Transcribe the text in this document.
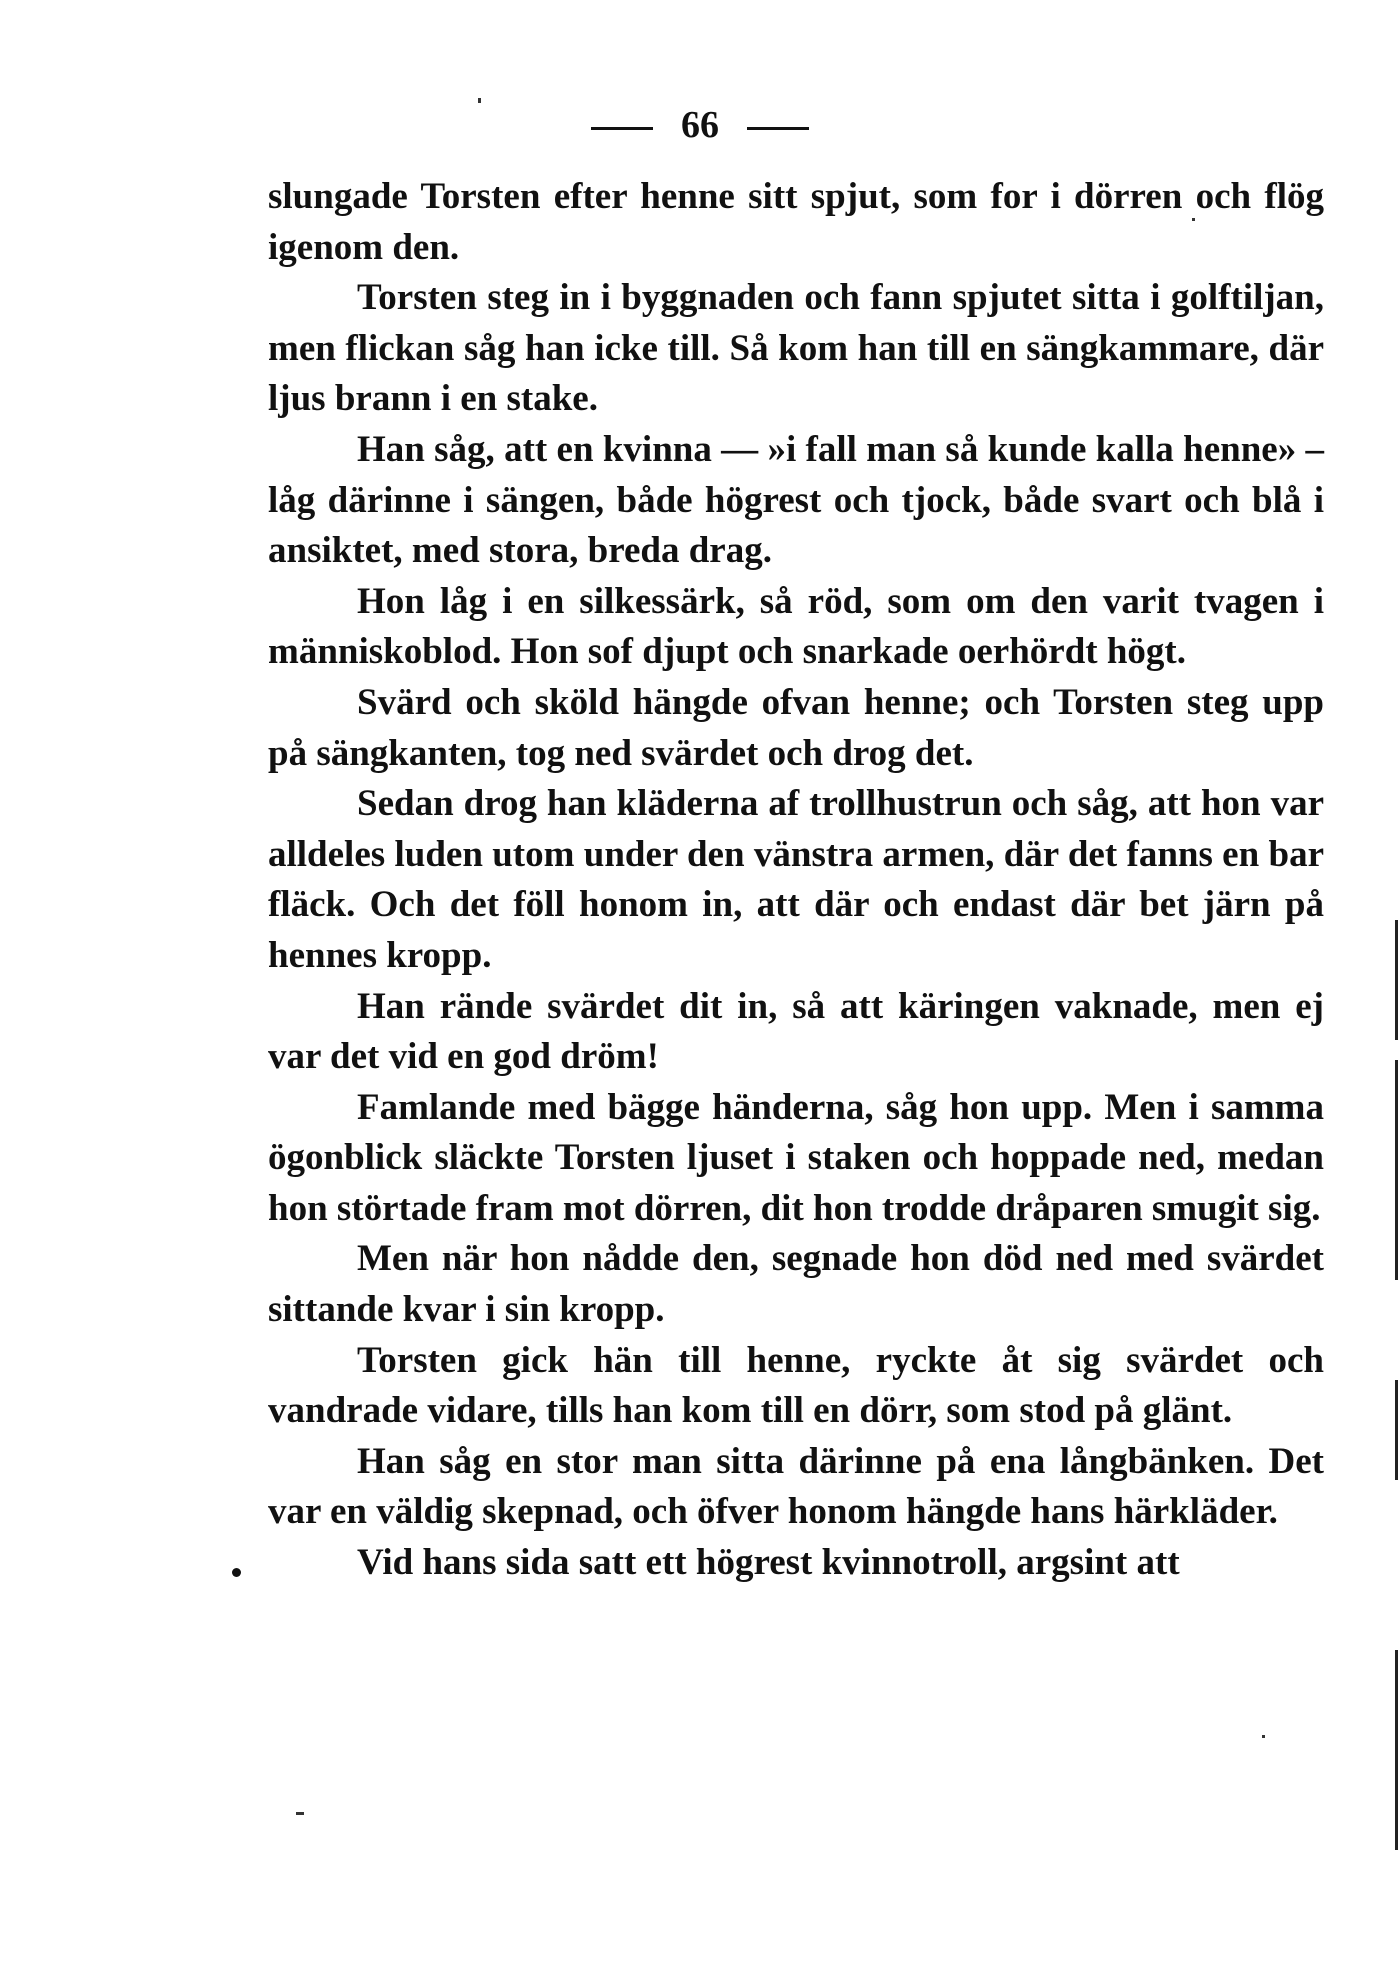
66

slungade Torsten efter henne sitt spjut, som for i dörren och flög igenom den.

Torsten steg in i byggnaden och fann spjutet sitta i golftiljan, men flickan såg han icke till. Så kom han till en sängkammare, där ljus brann i en stake.

Han såg, att en kvinna — »i fall man så kunde kalla henne» – låg därinne i sängen, både högrest och tjock, både svart och blå i ansiktet, med stora, breda drag.

Hon låg i en silkessärk, så röd, som om den varit tvagen i människoblod. Hon sof djupt och snarkade oerhördt högt.

Svärd och sköld hängde ofvan henne; och Torsten steg upp på sängkanten, tog ned svärdet och drog det.

Sedan drog han kläderna af trollhustrun och såg, att hon var alldeles luden utom under den vänstra armen, där det fanns en bar fläck. Och det föll honom in, att där och endast där bet järn på hennes kropp.

Han rände svärdet dit in, så att käringen vaknade, men ej var det vid en god dröm!

Famlande med bägge händerna, såg hon upp. Men i samma ögonblick släckte Torsten ljuset i staken och hoppade ned, medan hon störtade fram mot dörren, dit hon trodde dråparen smugit sig.

Men när hon nådde den, segnade hon död ned med svärdet sittande kvar i sin kropp.

Torsten gick hän till henne, ryckte åt sig svärdet och vandrade vidare, tills han kom till en dörr, som stod på glänt.

Han såg en stor man sitta därinne på ena långbänken. Det var en väldig skepnad, och öfver honom hängde hans härkläder.

Vid hans sida satt ett högrest kvinnotroll, argsint att
